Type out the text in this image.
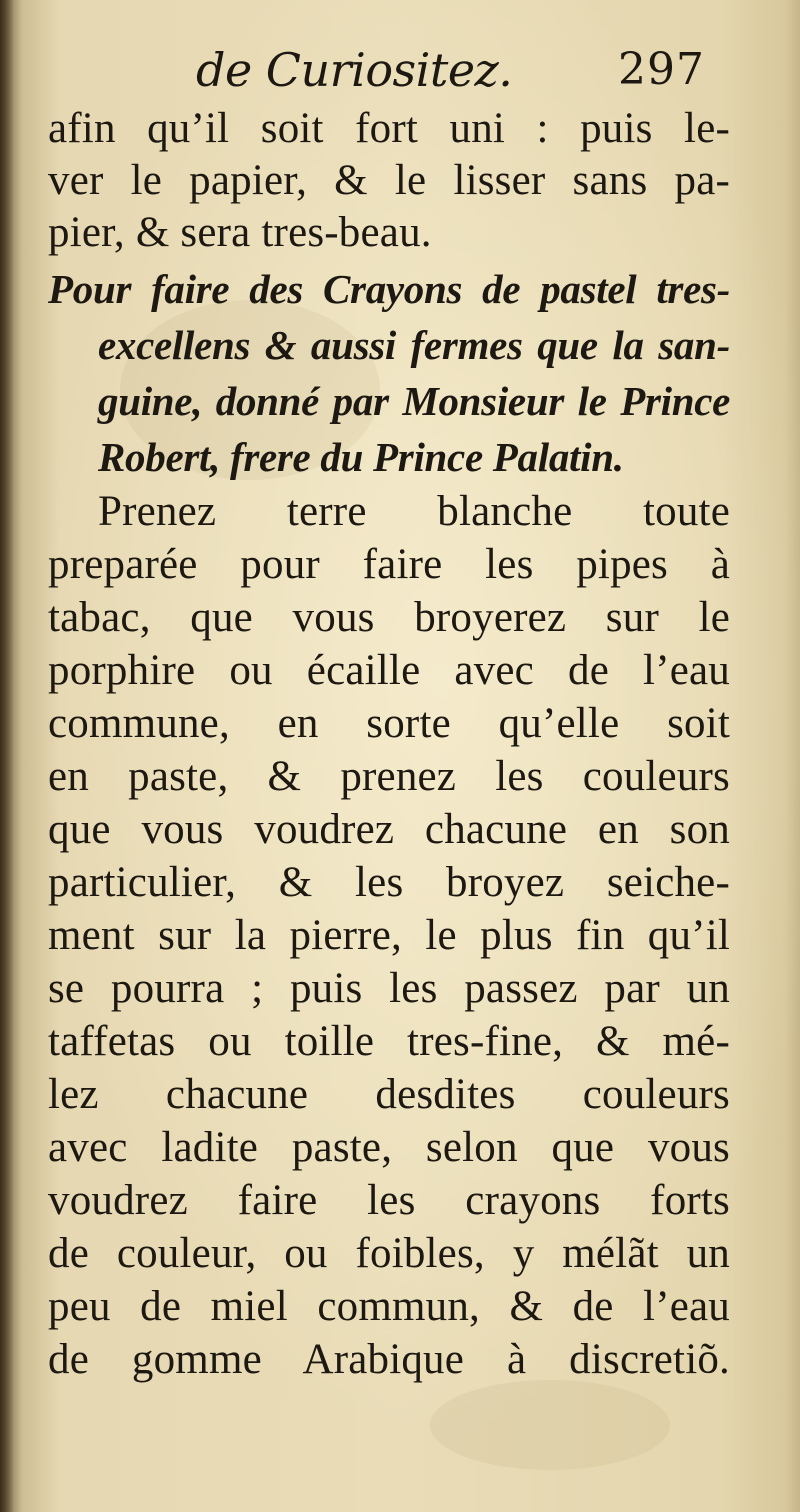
de Curiositez. 297
afin qu’il soit fort uni : puis le-
ver le papier, & le lisser sans pa-
pier, & sera tres-beau.
Pour faire des Crayons de pastel tres-
excellens & aussi fermes que la san-
guine, donné par Monsieur le Prince
Robert, frere du Prince Palatin.
Prenez terre blanche toute
preparée pour faire les pipes à
tabac, que vous broyerez sur le
porphire ou écaille avec de l’eau
commune, en sorte qu’elle soit
en paste, & prenez les couleurs
que vous voudrez chacune en son
particulier, & les broyez seiche-
ment sur la pierre, le plus fin qu’il
se pourra ; puis les passez par un
taffetas ou toille tres-fine, & mé-
lez chacune desdites couleurs
avec ladite paste, selon que vous
voudrez faire les crayons forts
de couleur, ou foibles, y mélãt un
peu de miel commun, & de l’eau
de gomme Arabique à discretiõ.
